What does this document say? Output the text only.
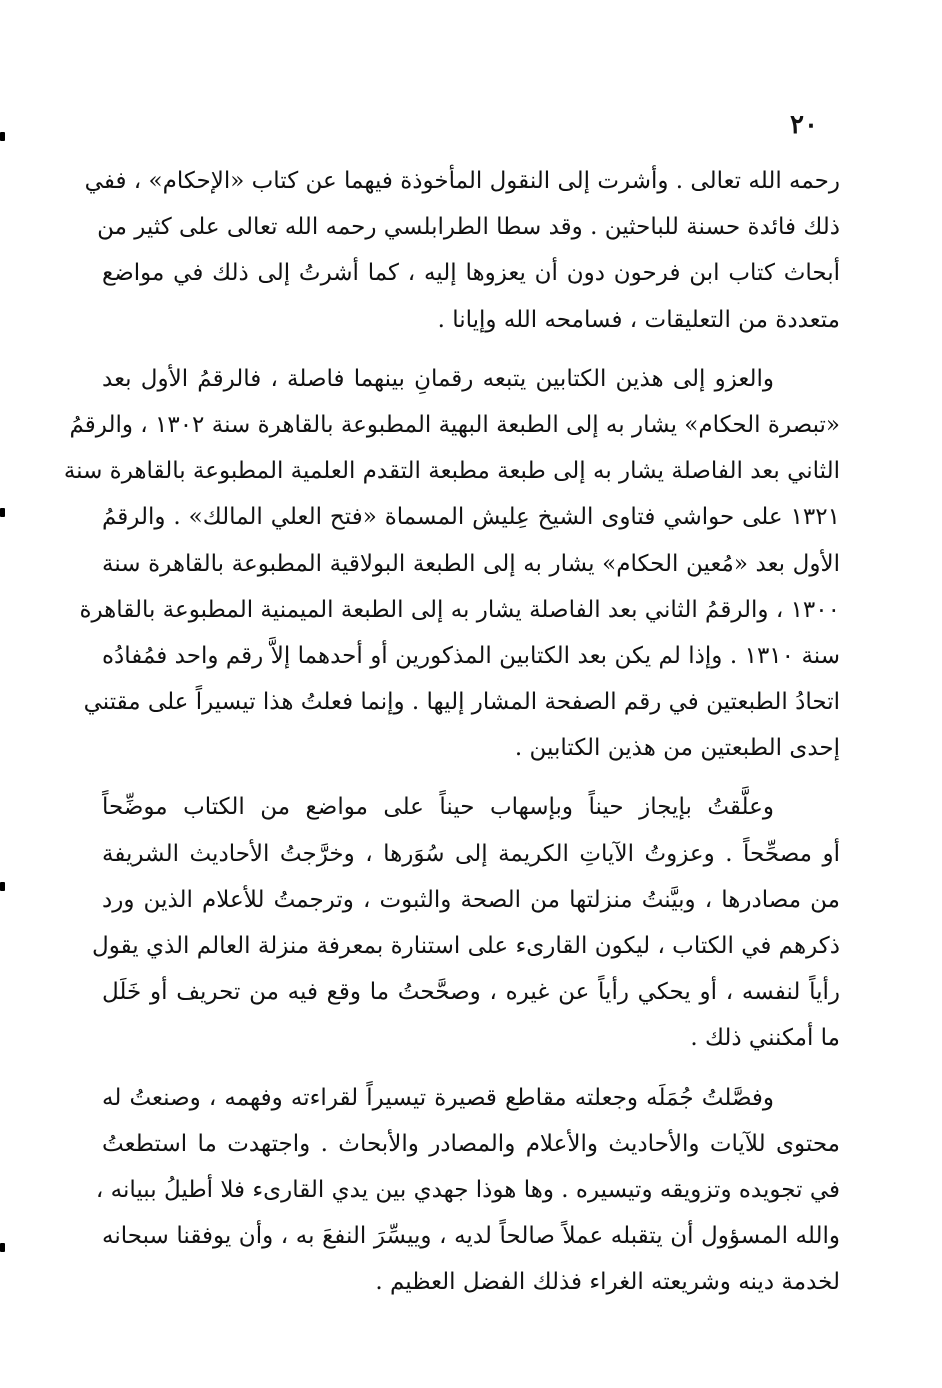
٢٠
رحمه الله تعالى . وأشرت إلى النقول المأخوذة فيهما عن كتاب «الإحكام» ، ففي
ذلك فائدة حسنة للباحثين . وقد سطا الطرابلسي رحمه الله تعالى على كثير من
أبحاث كتاب ابن فرحون دون أن يعزوها إليه ، كما أشرتُ إلى ذلك في مواضع
متعددة من التعليقات ، فسامحه الله وإيانا .
والعزو إلى هذين الكتابين يتبعه رقمانِ بينهما فاصلة ، فالرقمُ الأول بعد
«تبصرة الحكام» يشار به إلى الطبعة البهية المطبوعة بالقاهرة سنة ١٣٠٢ ، والرقمُ
الثاني بعد الفاصلة يشار به إلى طبعة مطبعة التقدم العلمية المطبوعة بالقاهرة سنة
١٣٢١ على حواشي فتاوى الشيخ عِليش المسماة «فتح العلي المالك» . والرقمُ
الأول بعد «مُعين الحكام» يشار به إلى الطبعة البولاقية المطبوعة بالقاهرة سنة
١٣٠٠ ، والرقمُ الثاني بعد الفاصلة يشار به إلى الطبعة الميمنية المطبوعة بالقاهرة
سنة ١٣١٠ . وإذا لم يكن بعد الكتابين المذكورين أو أحدهما إلاَّ رقم واحد فمُفادُه
اتحادُ الطبعتين في رقم الصفحة المشار إليها . وإنما فعلتُ هذا تيسيراً على مقتني
إحدى الطبعتين من هذين الكتابين .
وعلَّقتُ بإيجاز حيناً وبإسهاب حيناً على مواضع من الكتاب موضِّحاً
أو مصحِّحاً . وعزوتُ الآياتِ الكريمة إلى سُوَرها ، وخرَّجتُ الأحاديث الشريفة
من مصادرها ، وبيَّنتُ منزلتها من الصحة والثبوت ، وترجمتُ للأعلام الذين ورد
ذكرهم في الكتاب ، ليكون القارىء على استنارة بمعرفة منزلة العالم الذي يقول
رأياً لنفسه ، أو يحكي رأياً عن غيره ، وصحَّحتُ ما وقع فيه من تحريف أو خَلَل
ما أمكنني ذلك .
وفصَّلتُ جُمَلَه وجعلته مقاطع قصيرة تيسيراً لقراءته وفهمه ، وصنعتُ له
محتوى للآيات والأحاديث والأعلام والمصادر والأبحاث . واجتهدت ما استطعتُ
في تجويده وتزويقه وتيسيره . وها هوذا جهدي بين يدي القارىء فلا أطيلُ ببيانه ،
والله المسؤول أن يتقبله عملاً صالحاً لديه ، وييسِّرَ النفعَ به ، وأن يوفقنا سبحانه
لخدمة دينه وشريعته الغراء فذلك الفضل العظيم .
